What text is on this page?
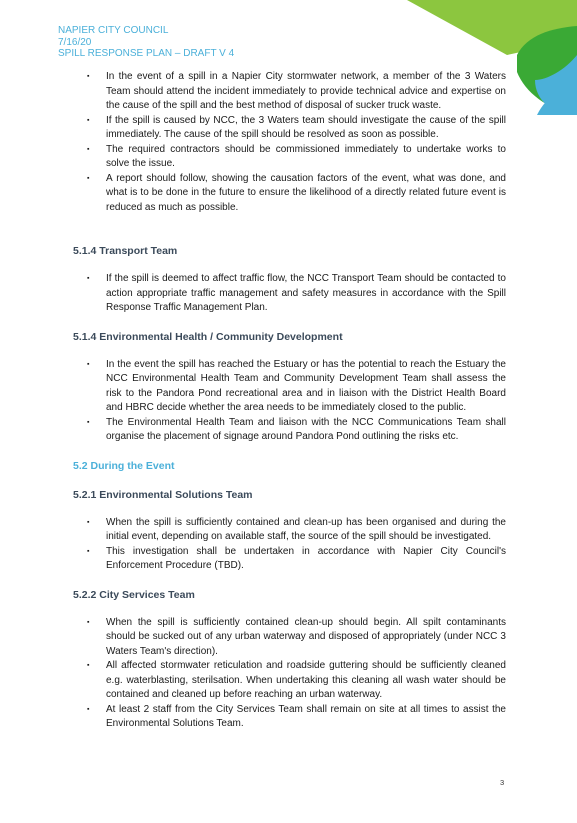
NAPIER CITY COUNCIL
7/16/20
SPILL RESPONSE PLAN – DRAFT V 4
▪ In the event of a spill in a Napier City stormwater network, a member of the 3 Waters Team should attend the incident immediately to provide technical advice and expertise on the cause of the spill and the best method of disposal of sucker truck waste.
▪ If the spill is caused by NCC, the 3 Waters team should investigate the cause of the spill immediately. The cause of the spill should be resolved as soon as possible.
▪ The required contractors should be commissioned immediately to undertake works to solve the issue.
▪ A report should follow, showing the causation factors of the event, what was done, and what is to be done in the future to ensure the likelihood of a directly related future event is reduced as much as possible.
5.1.4 Transport Team
▪ If the spill is deemed to affect traffic flow, the NCC Transport Team should be contacted to action appropriate traffic management and safety measures in accordance with the Spill Response Traffic Management Plan.
5.1.4 Environmental Health / Community Development
▪ In the event the spill has reached the Estuary or has the potential to reach the Estuary the NCC Environmental Health Team and Community Development Team shall assess the risk to the Pandora Pond recreational area and in liaison with the District Health Board and HBRC decide whether the area needs to be immediately closed to the public.
▪ The Environmental Health Team and liaison with the NCC Communications Team shall organise the placement of signage around Pandora Pond outlining the risks etc.
5.2 During the Event
5.2.1 Environmental Solutions Team
▪ When the spill is sufficiently contained and clean-up has been organised and during the initial event, depending on available staff, the source of the spill should be investigated.
▪ This investigation shall be undertaken in accordance with Napier City Council's Enforcement Procedure (TBD).
5.2.2 City Services Team
▪ When the spill is sufficiently contained clean-up should begin. All spilt contaminants should be sucked out of any urban waterway and disposed of appropriately (under NCC 3 Waters Team's direction).
▪ All affected stormwater reticulation and roadside guttering should be sufficiently cleaned e.g. waterblasting, sterilsation. When undertaking this cleaning all wash water should be contained and cleaned up before reaching an urban waterway.
▪ At least 2 staff from the City Services Team shall remain on site at all times to assist the Environmental Solutions Team.
3
